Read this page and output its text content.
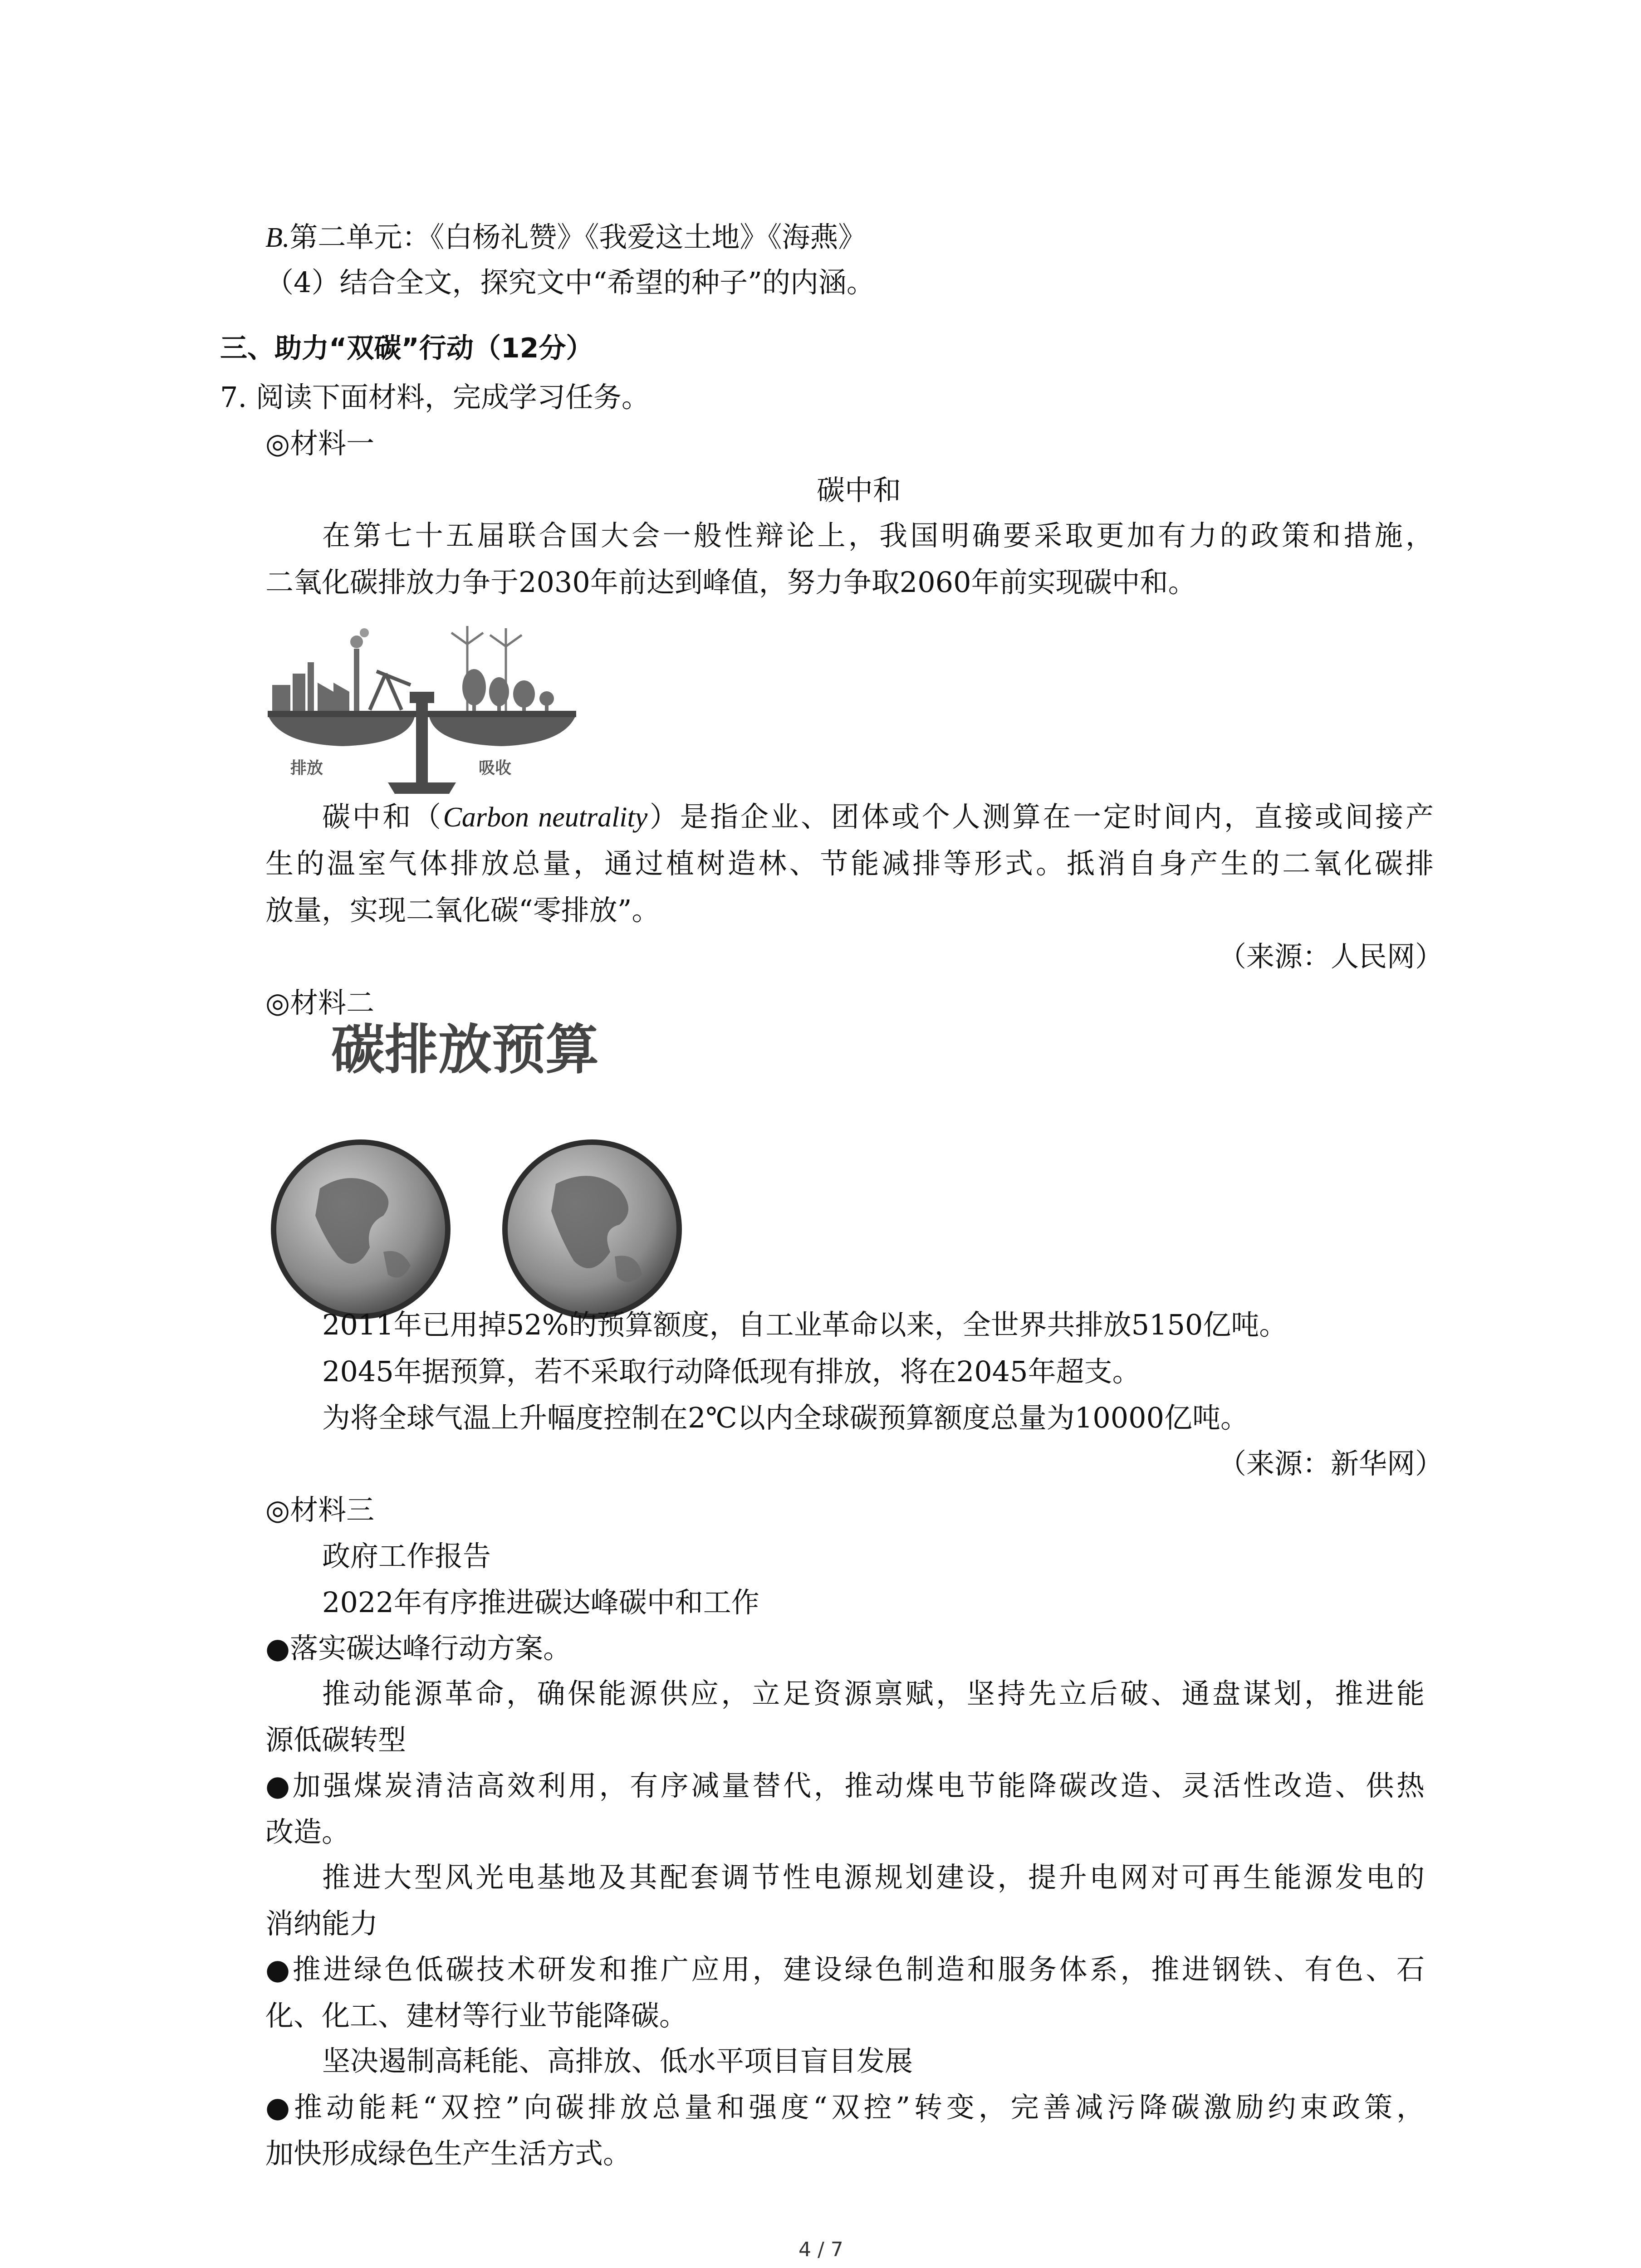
B.第二单元：《白杨礼赞》《我爱这土地》《海燕》
（4）结合全文，探究文中“希望的种子”的内涵。
三、助力“双碳”行动（12分）
7. 阅读下面材料，完成学习任务。
◎材料一
碳中和
在第七十五届联合国大会一般性辩论上，我国明确要采取更加有力的政策和措施，
二氧化碳排放力争于2030年前达到峰值，努力争取2060年前实现碳中和。
排放	吸收
碳中和（Carbon neutrality）是指企业、团体或个人测算在一定时间内，直接或间接产
生的温室气体排放总量，通过植树造林、节能减排等形式。抵消自身产生的二氧化碳排
放量，实现二氧化碳“零排放”。
（来源：人民网）
◎材料二
碳排放预算
2011年已用掉52%的预算额度，自工业革命以来，全世界共排放5150亿吨。
2045年据预算，若不采取行动降低现有排放，将在2045年超支。
为将全球气温上升幅度控制在2℃以内全球碳预算额度总量为10000亿吨。
（来源：新华网）
◎材料三
政府工作报告
2022年有序推进碳达峰碳中和工作
●落实碳达峰行动方案。
推动能源革命，确保能源供应，立足资源禀赋，坚持先立后破、通盘谋划，推进能
源低碳转型
●加强煤炭清洁高效利用，有序减量替代，推动煤电节能降碳改造、灵活性改造、供热
改造。
推进大型风光电基地及其配套调节性电源规划建设，提升电网对可再生能源发电的
消纳能力
●推进绿色低碳技术研发和推广应用，建设绿色制造和服务体系，推进钢铁、有色、石
化、化工、建材等行业节能降碳。
坚决遏制高耗能、高排放、低水平项目盲目发展
●推动能耗“双控”向碳排放总量和强度“双控”转变，完善减污降碳激励约束政策，
加快形成绿色生产生活方式。
4 / 7
